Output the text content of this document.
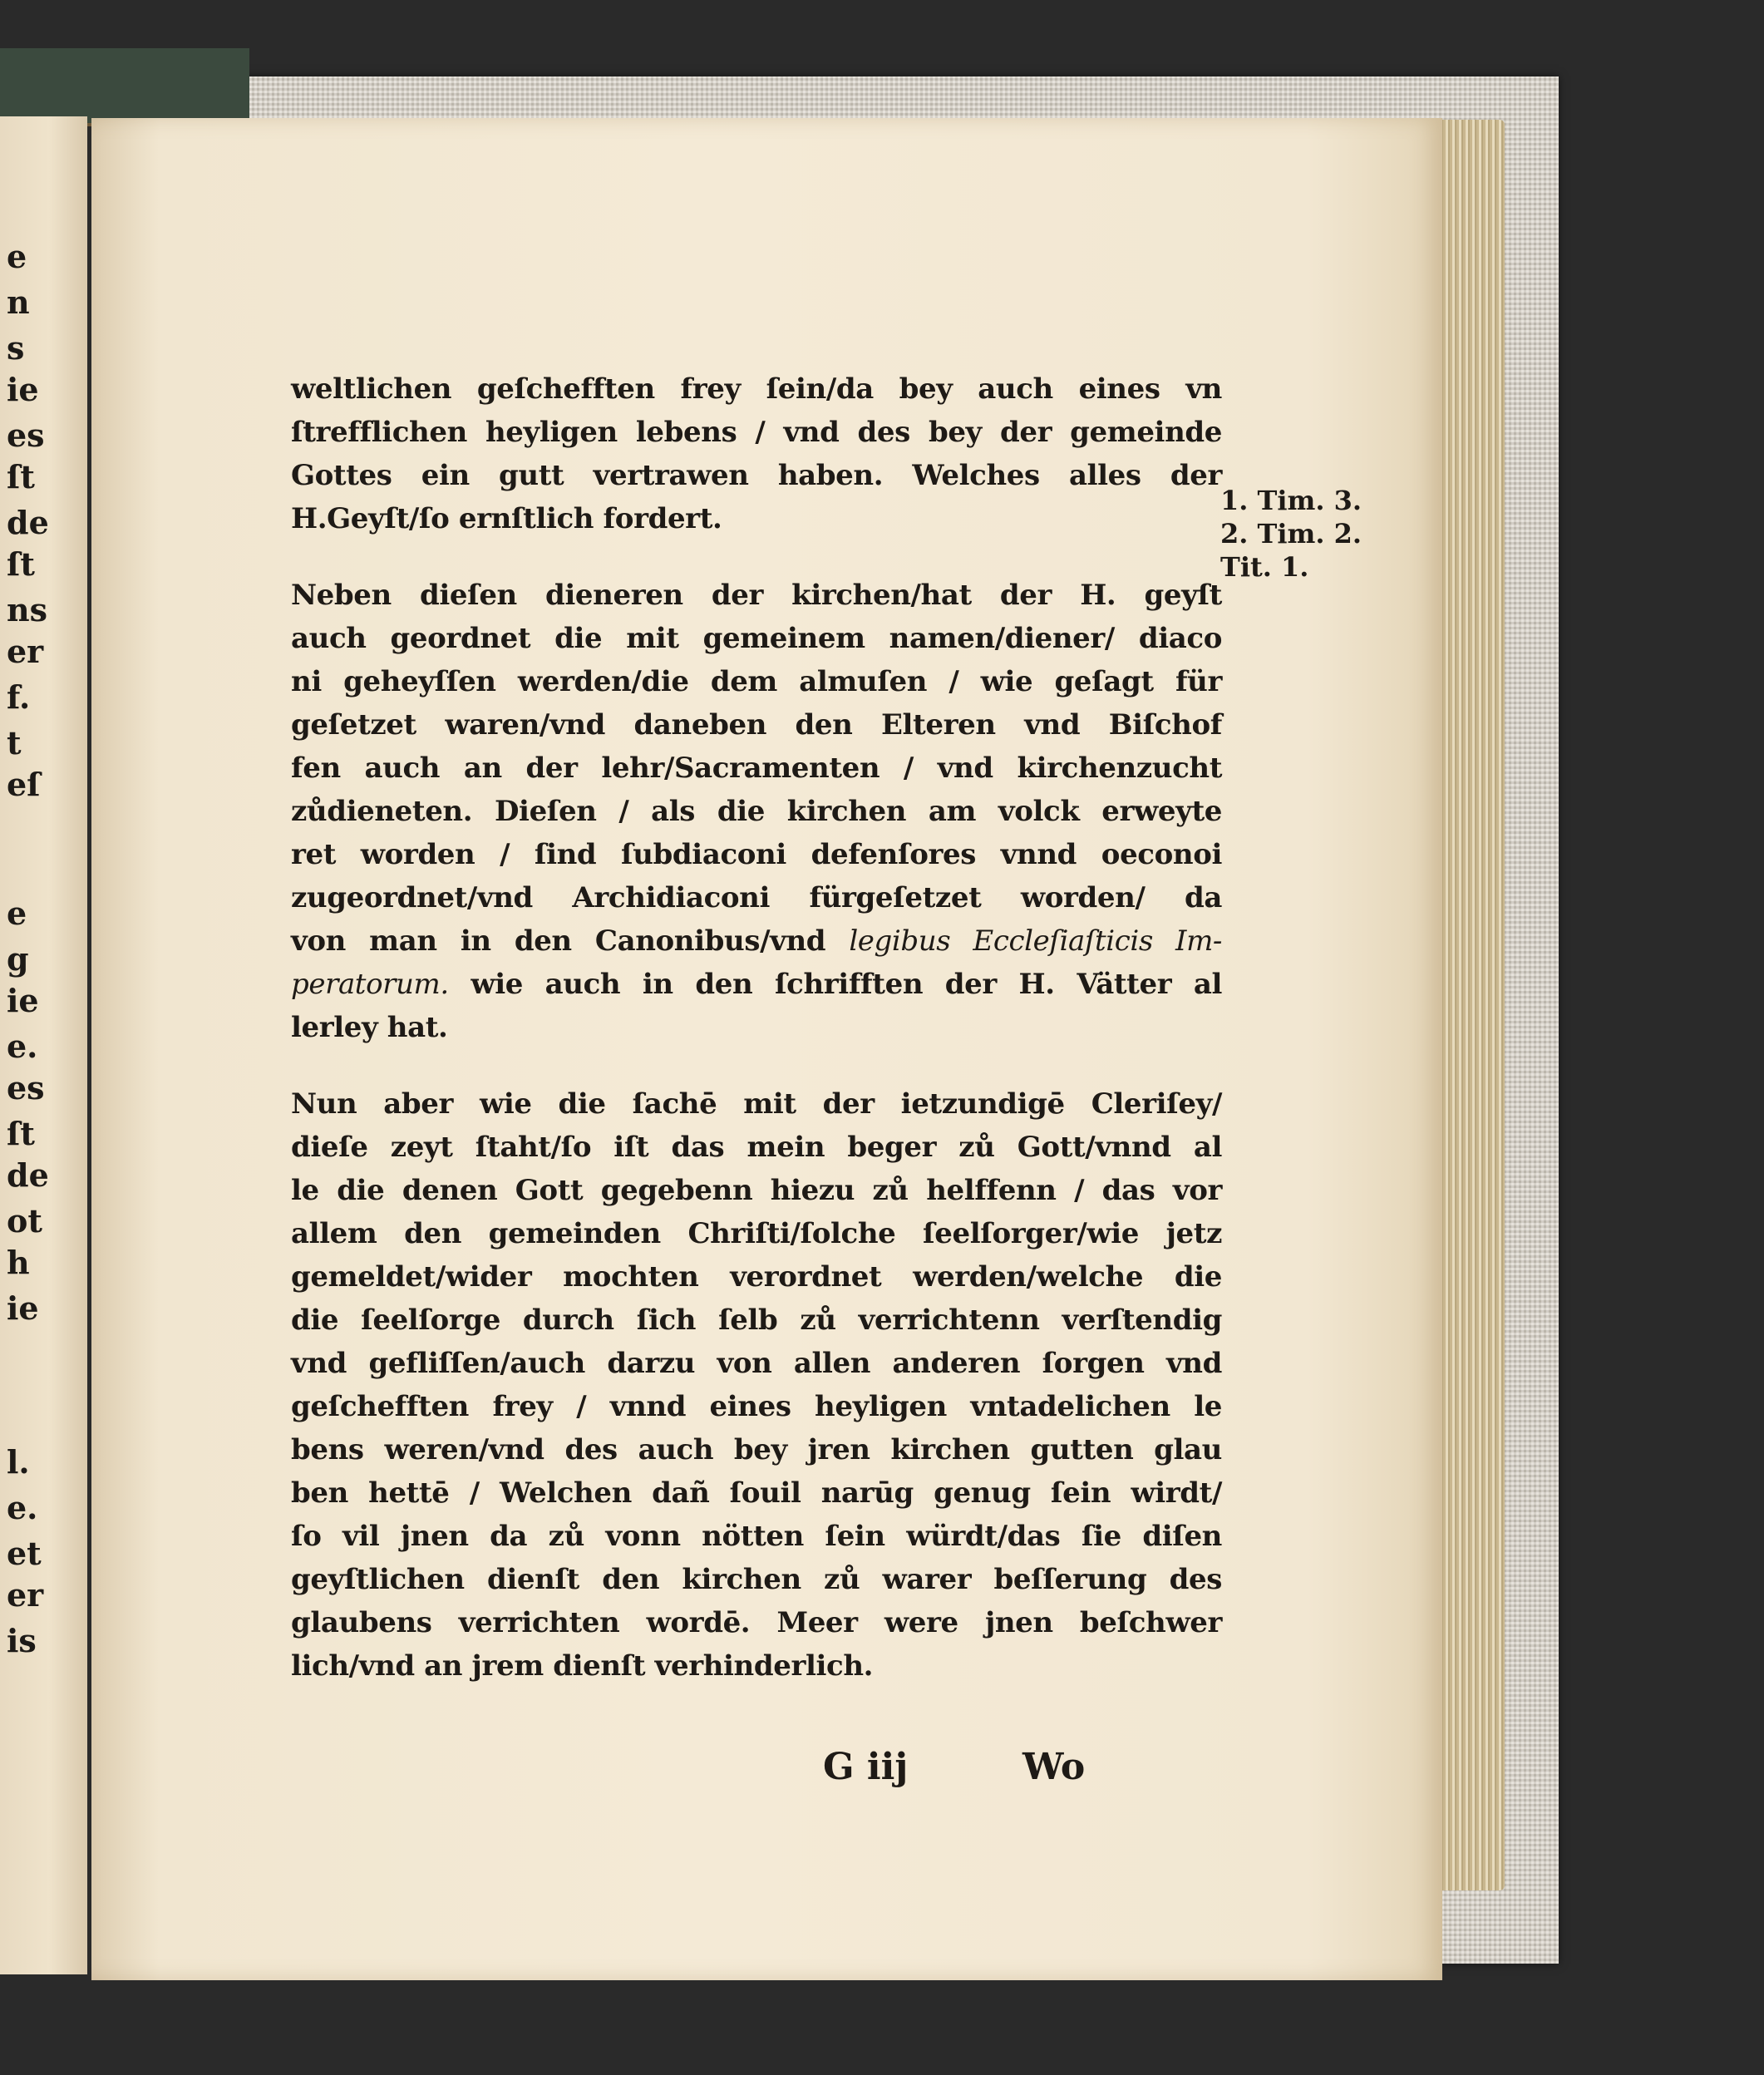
e
n
s
ie
es
ſt
de
ſt
ns
er
f.
t
eſ
e
g
ie
e.
es
ſt
de
ot
h
ie
l.
e.
et
er
is
weltlichen geſchefften frey ſein/da bey auch eines vn
ſtrefflichen heyligen lebens / vnd des bey der gemeinde
Gottes ein gutt vertrawen haben. Welches alles der
H.Geyſt/ſo ernſtlich fordert.
Neben dieſen dieneren der kirchen/hat der H. geyſt
auch geordnet die mit gemeinem namen/diener/ diaco
ni geheyſſen werden/die dem almuſen / wie geſagt für
geſetzet waren/vnd daneben den Elteren vnd Biſchof
fen auch an der lehr/Sacramenten / vnd kirchenzucht
zůdieneten. Dieſen / als die kirchen am volck erweyte
ret worden / ſind ſubdiaconi defenſores vnnd oeconoi
zugeordnet/vnd Archidiaconi fürgeſetzet worden/ da
von man in den Canonibus/vnd legibus Eccleſiaſticis Im-
peratorum. wie auch in den ſchrifften der H. Vätter al
lerley hat.
Nun aber wie die ſachē mit der ietzundigē Cleriſey/
dieſe zeyt ſtaht/ſo iſt das mein beger zů Gott/vnnd al
le die denen Gott gegebenn hiezu zů helffenn / das vor
allem den gemeinden Chriſti/ſolche ſeelſorger/wie jetz
gemeldet/wider mochten verordnet werden/welche die
die ſeelſorge durch ſich ſelb zů verrichtenn verſtendig
vnd gefliſſen/auch darzu von allen anderen ſorgen vnd
geſchefften frey / vnnd eines heyligen vntadelichen le
bens weren/vnd des auch bey jren kirchen gutten glau
ben hettē / Welchen dañ ſouil narūg genug ſein wirdt/
ſo vil jnen da zů vonn nötten ſein würdt/das ſie diſen
geyſtlichen dienſt den kirchen zů warer beſſerung des
glaubens verrichten wordē. Meer were jnen beſchwer
lich/vnd an jrem dienſt verhinderlich.
1. Tim. 3.
2. Tim. 2.
Tit. 1.
G iij	Wo
